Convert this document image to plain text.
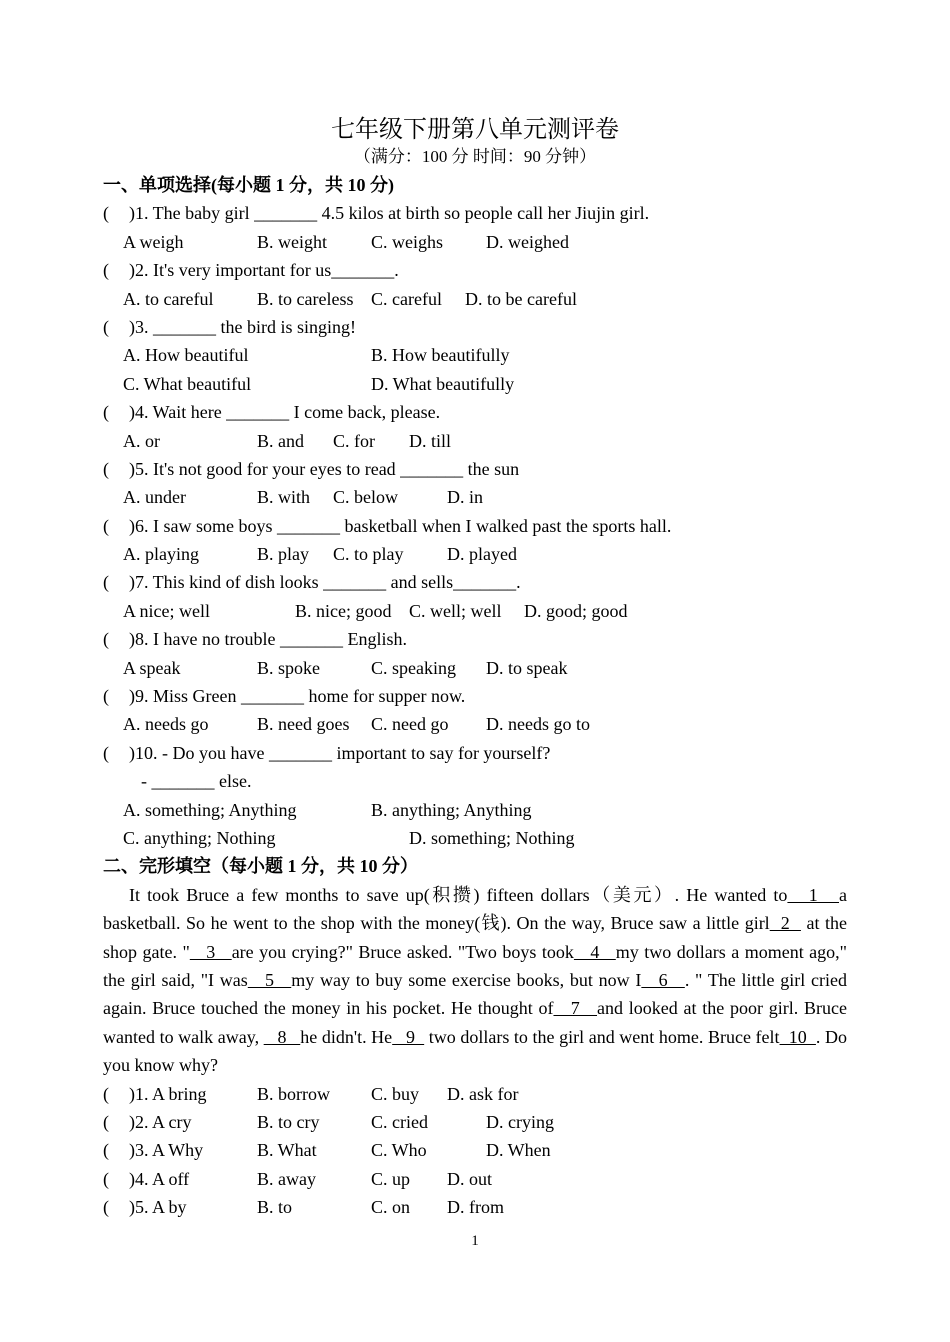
七年级下册第八单元测评卷
（满分：100 分 时间：90 分钟）
一、单项选择(每小题 1 分，共 10 分)
( )1. The baby girl _______ 4.5 kilos at birth so people call her Jiujin girl.
A weigh	B. weight C. weighs D. weighed
( )2. It's very important for us_______.
A. to careful B. to careless C. careful D. to be careful
( )3. _______ the bird is singing!
A. How beautiful	B. How beautifully
C. What beautiful	D. What beautifully
( )4. Wait here _______ I come back, please.
A. or	B. and C. for D. till
( )5. It's not good for your eyes to read _______ the sun
A. under	B. with C. below	D. in
( )6. I saw some boys _______ basketball when I walked past the sports hall.
A. playing	B. play C. to play D. played
( )7. This kind of dish looks _______ and sells_______.
A nice; well	B. nice; good C. well; well D. good; good
( )8. I have no trouble _______ English.
A speak	B. spoke	C. speaking D. to speak
( )9. Miss Green _______ home for supper now.
A. needs go	B. need goes C. need go D. needs go to
( )10. - Do you have _______ important to say for yourself?
- _______ else.
A. something; Anything	B. anything; Anything
C. anything; Nothing	D. something; Nothing
二、完形填空（每小题 1 分，共 10 分）

It took Bruce a few months to save up(积攒) fifteen dollars（美元）. He wanted to   1   a basketball. So he went to the shop with the money(钱). On the way, Bruce saw a little girl  2   at the shop gate. "   3   are you crying?" Bruce asked. "Two boys took   4   my two dollars a moment ago," the girl said, "I was   5   my way to buy some exercise books, but now I   6   . " The little girl cried again. Bruce touched the money in his pocket. He thought of   7   and looked at the poor girl. Bruce wanted to walk away,    8   he didn't. He   9   two dollars to the girl and went home. Bruce felt  10  . Do you know why?

( )1. A bring	B. borrow C. buy D. ask for
( )2. A cry	B. to cry	C. cried	D. crying
( )3. A Why	B. What	C. Who	D. When
( )4. A off	B. away	C. up D. out
( )5. A by	B. to	C. on D. from
1
